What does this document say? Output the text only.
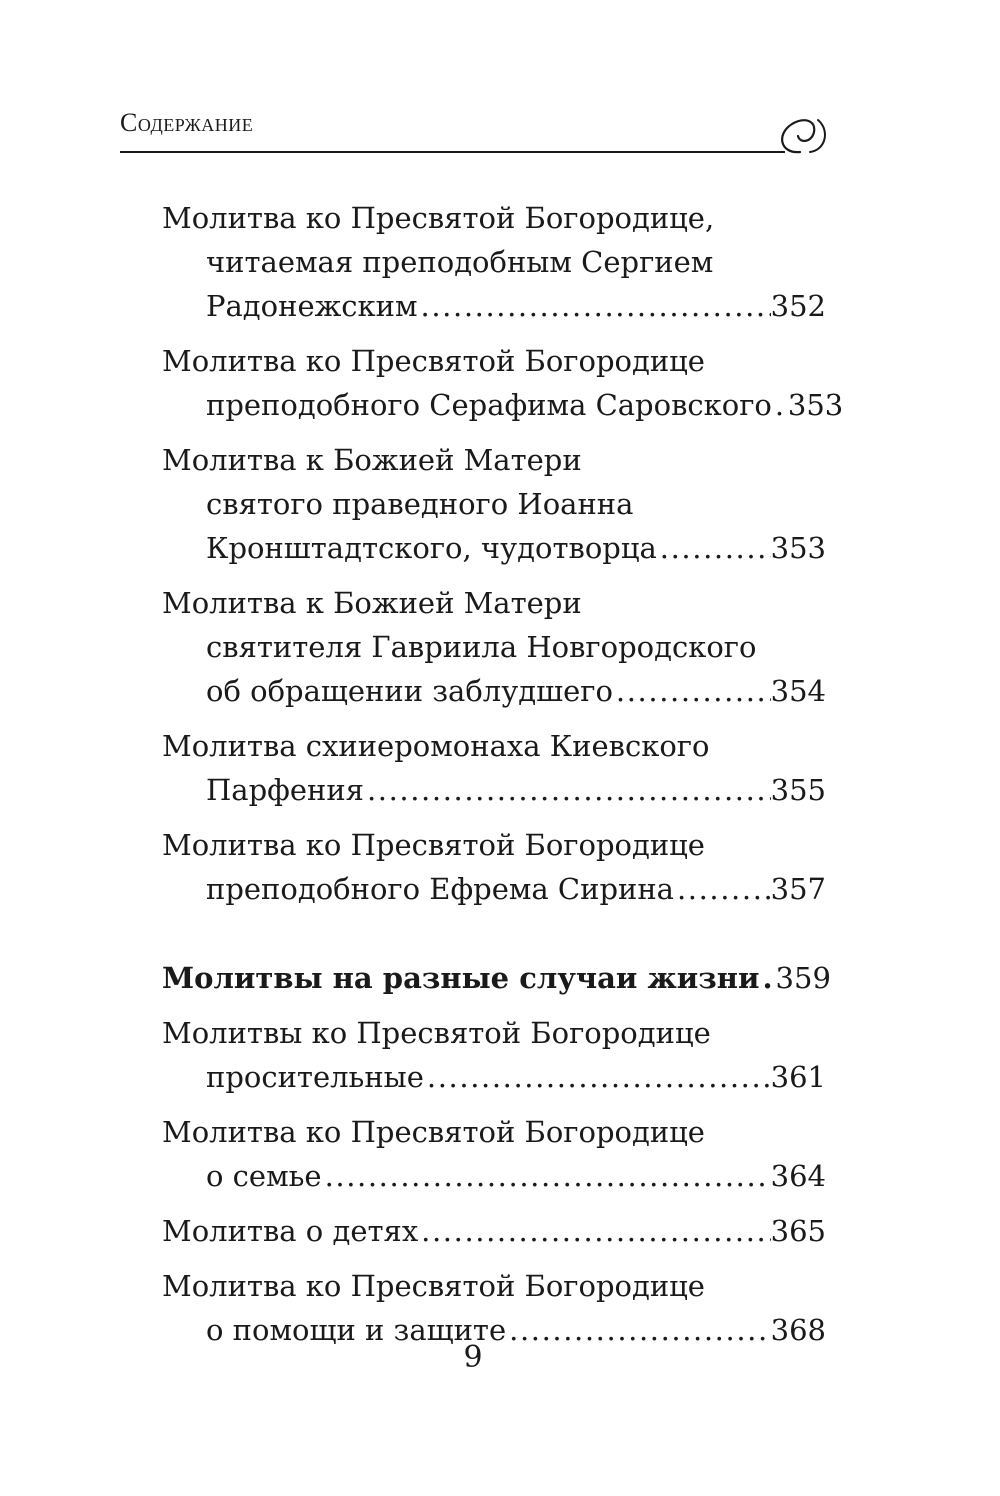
Содержание
Молитва ко Пресвятой Богородице,
читаемая преподобным Сергием
Радонежским .....	352
Молитва ко Пресвятой Богородице
преподобного Серафима Саровского ..... 353
Молитва к Божией Матери
святого праведного Иоанна
Кронштадтского, чудотворца .....	353
Молитва к Божией Матери
святителя Гавриила Новгородского
об обращении заблудшего .....	354
Молитва схииеромонаха Киевского
Парфения .....	355
Молитва ко Пресвятой Богородице
преподобного Ефрема Сирина .....	357
Молитвы на разные случаи жизни ..... 359
Молитвы ко Пресвятой Богородице
просительные .....	361
Молитва ко Пресвятой Богородице
о семье .....	364
Молитва о детях .....	365
Молитва ко Пресвятой Богородице
о помощи и защите .....	368
9
